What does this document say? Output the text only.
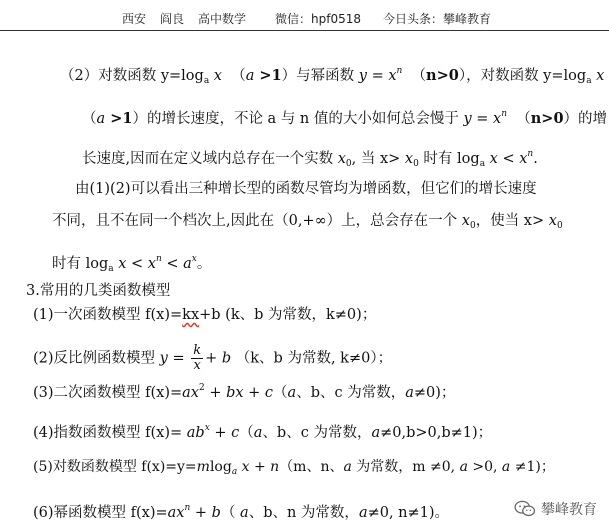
西安 阎良 高中数学 微信：hpf0518 今日头条：攀峰教育
（2）对数函数 $y=\log_a$ x （a >1）与幂函数 $y = x^n$ （n>0），对数函数 $y=\log_a$ x
（a >1）的增长速度，不论 a 与 n 值的大小如何总会慢于 $y = x^n$ （n>0）的增
长速度,因而在定义域内总存在一个实数 $x_0$, 当 $x> x_0$ 时有 $\log_a x < x^n$.
由(1)(2)可以看出三种增长型的函数尽管均为增函数，但它们的增长速度
不同，且不在同一个档次上,因此在（0,+∞）上，总会存在一个 $x_0$，使当 $x> x_0$
时有 $\log_a x < x^n < a^x$。
3.常用的几类函数模型
(1)一次函数模型 f(x)=kx+b (k、b 为常数，k≠0)；
(2)反比例函数模型 $y = \frac{k}{x} + b$ （k、b 为常数, k≠0）；
(3)二次函数模型 $f(x)=ax^2$ + bx + c（a、b、c 为常数，a≠0)；
(4)指数函数模型 $f(x)= ab^x + c(a$、b、c 为常数，a≠0,b>0,b≠1)；
(5)对数函数模型 f(x)=y=mlog$_a$ x + n（m、n、a 为常数，m ≠0, a >0, a ≠1)；
(6)幂函数模型 $f(x)=ax^n + b$（ a、b、n 为常数，a≠0, n≠1)。	攀峰教育
